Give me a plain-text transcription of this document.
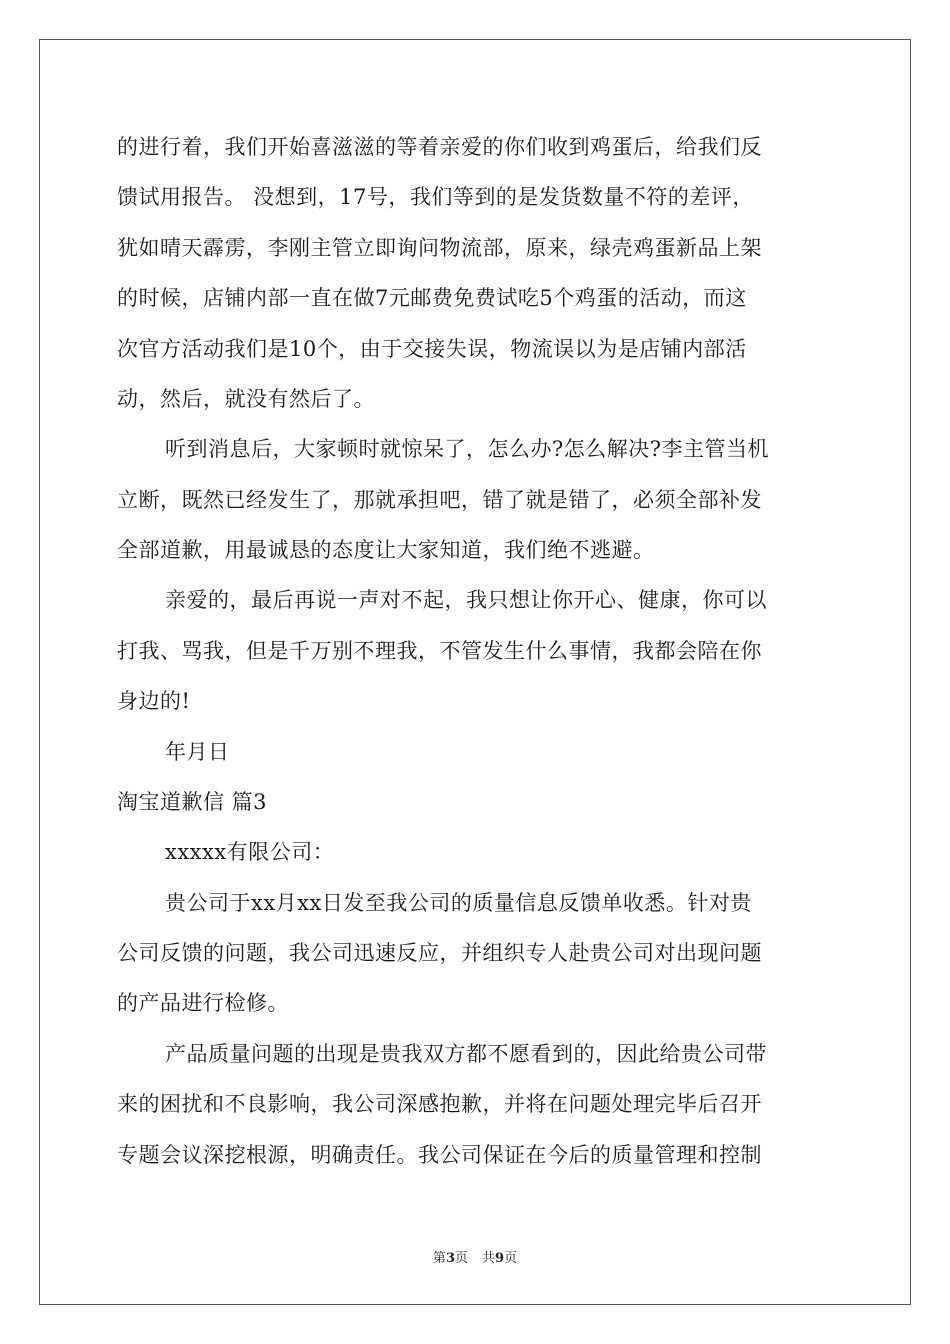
的进行着，我们开始喜滋滋的等着亲爱的你们收到鸡蛋后，给我们反
馈试用报告。 没想到，17号，我们等到的是发货数量不符的差评，
犹如晴天霹雳，李刚主管立即询问物流部，原来，绿壳鸡蛋新品上架
的时候，店铺内部一直在做7元邮费免费试吃5个鸡蛋的活动，而这
次官方活动我们是10个，由于交接失误，物流误以为是店铺内部活
动，然后，就没有然后了。
听到消息后，大家顿时就惊呆了，怎么办?怎么解决?李主管当机
立断，既然已经发生了，那就承担吧，错了就是错了，必须全部补发
全部道歉，用最诚恳的态度让大家知道，我们绝不逃避。
亲爱的，最后再说一声对不起，我只想让你开心、健康，你可以
打我、骂我，但是千万别不理我，不管发生什么事情，我都会陪在你
身边的!
年月日
淘宝道歉信 篇3
xxxxx有限公司：
贵公司于xx月xx日发至我公司的质量信息反馈单收悉。针对贵
公司反馈的问题，我公司迅速反应，并组织专人赴贵公司对出现问题
的产品进行检修。
产品质量问题的出现是贵我双方都不愿看到的，因此给贵公司带
来的困扰和不良影响，我公司深感抱歉，并将在问题处理完毕后召开
专题会议深挖根源，明确责任。我公司保证在今后的质量管理和控制
第3页 共9页
